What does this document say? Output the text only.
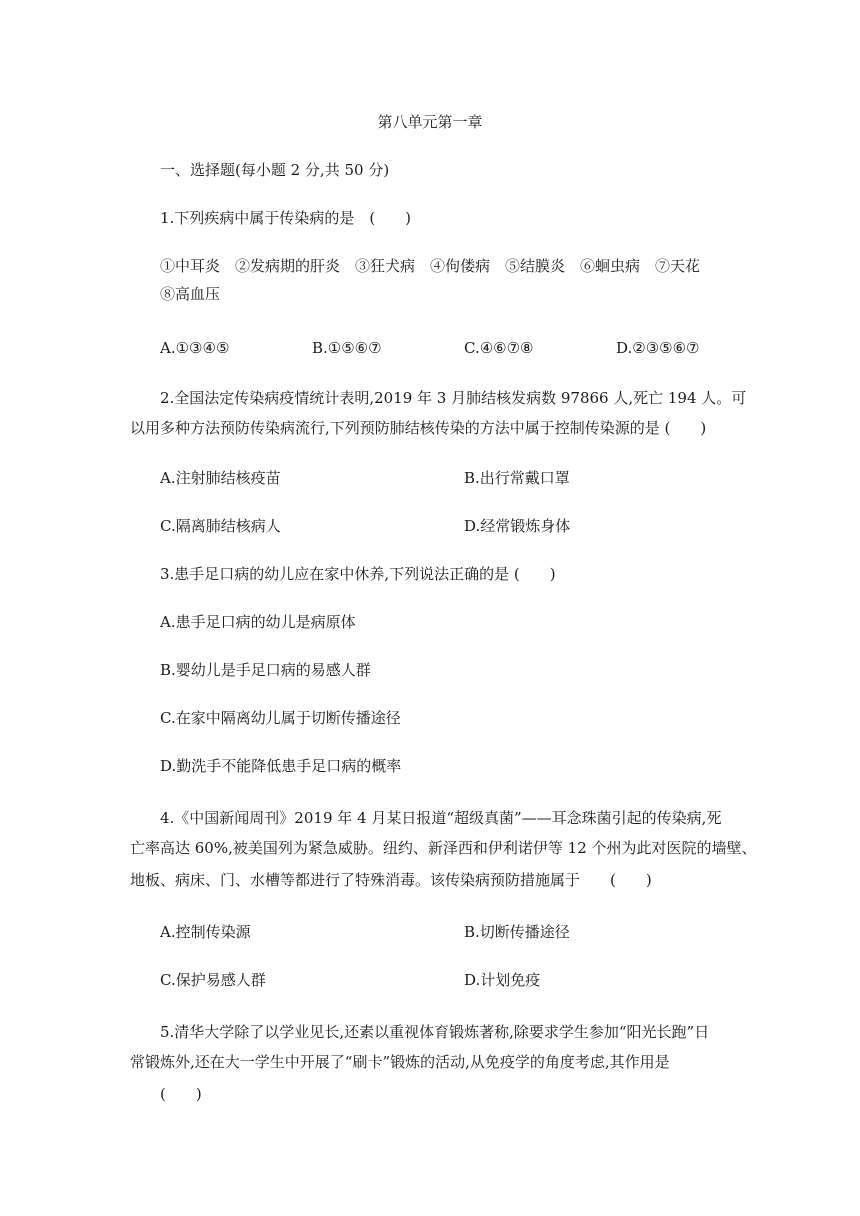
第八单元第一章
一、选择题(每小题 2 分,共 50 分)
1.下列疾病中属于传染病的是　(　　)
①中耳炎　②发病期的肝炎　③狂犬病　④佝偻病　⑤结膜炎　⑥蛔虫病　⑦天花
⑧高血压
A.①③④⑤	B.①⑤⑥⑦	C.④⑥⑦⑧	D.②③⑤⑥⑦
2.全国法定传染病疫情统计表明,2019 年 3 月肺结核发病数 97866 人,死亡 194 人。可
以用多种方法预防传染病流行,下列预防肺结核传染的方法中属于控制传染源的是 (　　)
A.注射肺结核疫苗	B.出行常戴口罩
C.隔离肺结核病人	D.经常锻炼身体
3.患手足口病的幼儿应在家中休养,下列说法正确的是 (　　)
A.患手足口病的幼儿是病原体
B.婴幼儿是手足口病的易感人群
C.在家中隔离幼儿属于切断传播途径
D.勤洗手不能降低患手足口病的概率
4.《中国新闻周刊》2019 年 4 月某日报道“超级真菌”——耳念珠菌引起的传染病,死
亡率高达 60%,被美国列为紧急威胁。纽约、新泽西和伊利诺伊等 12 个州为此对医院的墙壁、
地板、病床、门、水槽等都进行了特殊消毒。该传染病预防措施属于　　(　　)
A.控制传染源	B.切断传播途径
C.保护易感人群	D.计划免疫
5.清华大学除了以学业见长,还素以重视体育锻炼著称,除要求学生参加“阳光长跑”日
常锻炼外,还在大一学生中开展了“刷卡”锻炼的活动,从免疫学的角度考虑,其作用是
(　　)
